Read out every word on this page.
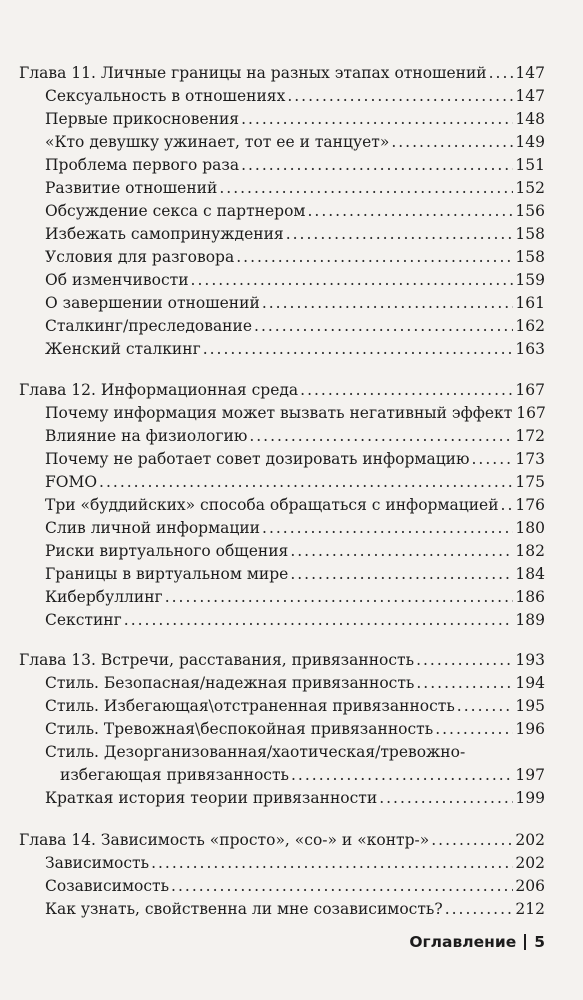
Глава 11. Личные границы на разных этапах отношений ..... 147
Сексуальность в отношениях .....	147
Первые прикосновения .....	148
«Кто девушку ужинает, тот ее и танцует» .....	149
Проблема первого раза .....	151
Развитие отношений .....	152
Обсуждение секса с партнером .....	156
Избежать самопринуждения .....	158
Условия для разговора .....	158
Об изменчивости .....	159
О завершении отношений .....	161
Сталкинг/преследование .....	162
Женский сталкинг .....	163
Глава 12. Информационная среда .....	167
Почему информация может вызвать негативный эффект 167
Влияние на физиологию .....	172
Почему не работает совет дозировать информацию .....	173
FOMO .....	175
Три «буддийских» способа обращаться с информацией ..... 176
Слив личной информации .....	180
Риски виртуального общения .....	182
Границы в виртуальном мире .....	184
Кибербуллинг .....	186
Секстинг .....	189
Глава 13. Встречи, расставания, привязанность .....	193
Стиль. Безопасная/надежная привязанность .....	194
Стиль. Избегающая\отстраненная привязанность .....	195
Стиль. Тревожная\беспокойная привязанность .....	196
Стиль. Дезорганизованная/хаотическая/тревожно-
избегающая привязанность .....	197
Краткая история теории привязанности .....	199
Глава 14. Зависимость «просто», «со-» и «контр-» .....	202
Зависимость .....	202
Созависимость .....	206
Как узнать, свойственна ли мне созависимость? .....	212
Оглавление 5
